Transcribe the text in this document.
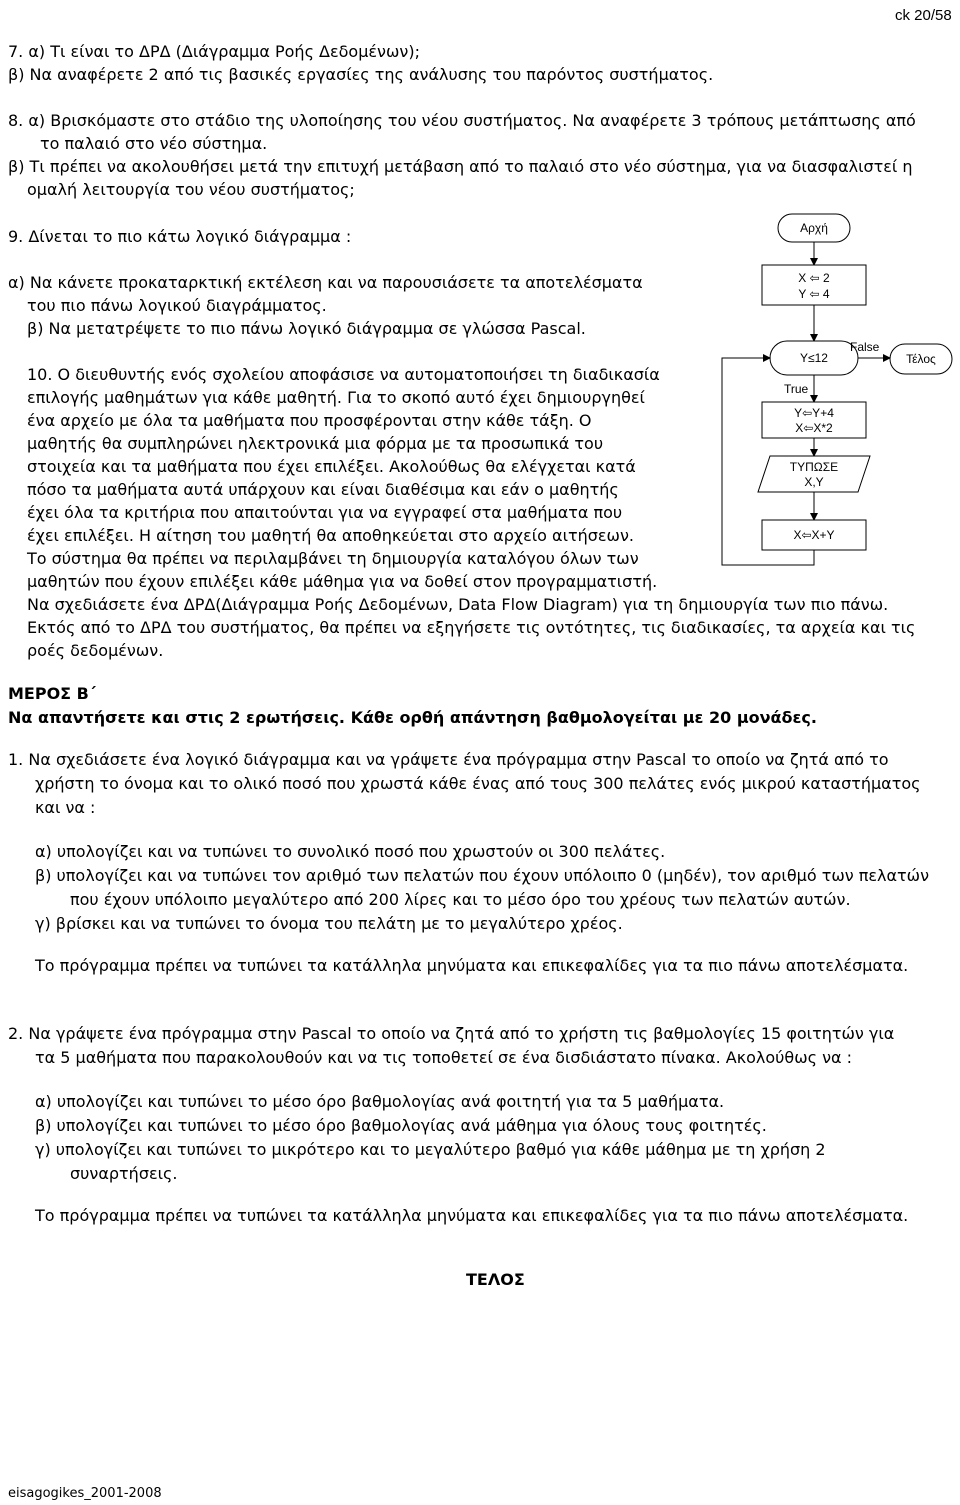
ck 20/58
7. α) Τι είναι το ΔΡΔ (Διάγραμμα Ροής Δεδομένων);
β) Να αναφέρετε 2 από τις βασικές εργασίες της ανάλυσης του παρόντος συστήματος.
8. α) Βρισκόμαστε στο στάδιο της υλοποίησης του νέου συστήματος. Να αναφέρετε 3 τρόπους μετάπτωσης από
το παλαιό στο νέο σύστημα.
β) Τι πρέπει να ακολουθήσει μετά την επιτυχή μετάβαση από το παλαιό στο νέο σύστημα, για να διασφαλιστεί η
ομαλή λειτουργία του νέου συστήματος;
9. Δίνεται το πιο κάτω λογικό διάγραμμα :
α) Να κάνετε προκαταρκτική εκτέλεση και να παρουσιάσετε τα αποτελέσματα
του πιο πάνω λογικού διαγράμματος.
β) Να μετατρέψετε το πιο πάνω λογικό διάγραμμα σε γλώσσα Pascal.
10. Ο διευθυντής ενός σχολείου αποφάσισε να αυτοματοποιήσει τη διαδικασία
επιλογής μαθημάτων για κάθε μαθητή. Για το σκοπό αυτό έχει δημιουργηθεί
ένα αρχείο με όλα τα μαθήματα που προσφέρονται στην κάθε τάξη. Ο
μαθητής θα συμπληρώνει ηλεκτρονικά μια φόρμα με τα προσωπικά του
στοιχεία και τα μαθήματα που έχει επιλέξει. Ακολούθως θα ελέγχεται κατά
πόσο τα μαθήματα αυτά υπάρχουν και είναι διαθέσιμα και εάν ο μαθητής
έχει όλα τα κριτήρια που απαιτούνται για να εγγραφεί στα μαθήματα που
έχει επιλέξει. Η αίτηση του μαθητή θα αποθηκεύεται στο αρχείο αιτήσεων.
Το σύστημα θα πρέπει να περιλαμβάνει τη δημιουργία καταλόγου όλων των
μαθητών που έχουν επιλέξει κάθε μάθημα για να δοθεί στον προγραμματιστή.
Να σχεδιάσετε ένα ΔΡΔ(Διάγραμμα Ροής Δεδομένων, Data Flow Diagram) για τη δημιουργία των πιο πάνω.
Εκτός από το ΔΡΔ του συστήματος, θα πρέπει να εξηγήσετε τις οντότητες, τις διαδικασίες, τα αρχεία και τις
ροές δεδομένων.
ΜΕΡΟΣ Β΄
Να απαντήσετε και στις 2 ερωτήσεις. Κάθε ορθή απάντηση βαθμολογείται με 20 μονάδες.
1. Να σχεδιάσετε ένα λογικό διάγραμμα και να γράψετε ένα πρόγραμμα στην Pascal το οποίο να ζητά από το
χρήστη το όνομα και το ολικό ποσό που χρωστά κάθε ένας από τους 300 πελάτες ενός μικρού καταστήματος
και να :
α) υπολογίζει και να τυπώνει το συνολικό ποσό που χρωστούν οι 300 πελάτες.
β) υπολογίζει και να τυπώνει τον αριθμό των πελατών που έχουν υπόλοιπο 0 (μηδέν), τον αριθμό των πελατών
που έχουν υπόλοιπο μεγαλύτερο από 200 λίρες και το μέσο όρο του χρέους των πελατών αυτών.
γ) βρίσκει και να τυπώνει το όνομα του πελάτη με το μεγαλύτερο χρέος.
Το πρόγραμμα πρέπει να τυπώνει τα κατάλληλα μηνύματα και επικεφαλίδες για τα πιο πάνω αποτελέσματα.
2. Να γράψετε ένα πρόγραμμα στην Pascal το οποίο να ζητά από το χρήστη τις βαθμολογίες 15 φοιτητών για
τα 5 μαθήματα που παρακολουθούν και να τις τοποθετεί σε ένα δισδιάστατο πίνακα. Ακολούθως να :
α) υπολογίζει και τυπώνει το μέσο όρο βαθμολογίας ανά φοιτητή για τα 5 μαθήματα.
β) υπολογίζει και τυπώνει το μέσο όρο βαθμολογίας ανά μάθημα για όλους τους φοιτητές.
γ) υπολογίζει και τυπώνει το μικρότερο και το μεγαλύτερο βαθμό για κάθε μάθημα με τη χρήση 2
συναρτήσεις.
Το πρόγραμμα πρέπει να τυπώνει τα κατάλληλα μηνύματα και επικεφαλίδες για τα πιο πάνω αποτελέσματα.
ΤΕΛΟΣ
eisagogikes_2001-2008
Αρχή
X ⇦ 2
Y ⇦ 4
Y≤12
False
Τέλος
True
Y⇦Y+4
X⇦X*2
ΤΥΠΩΣΕ
X,Y
X⇦X+Y
